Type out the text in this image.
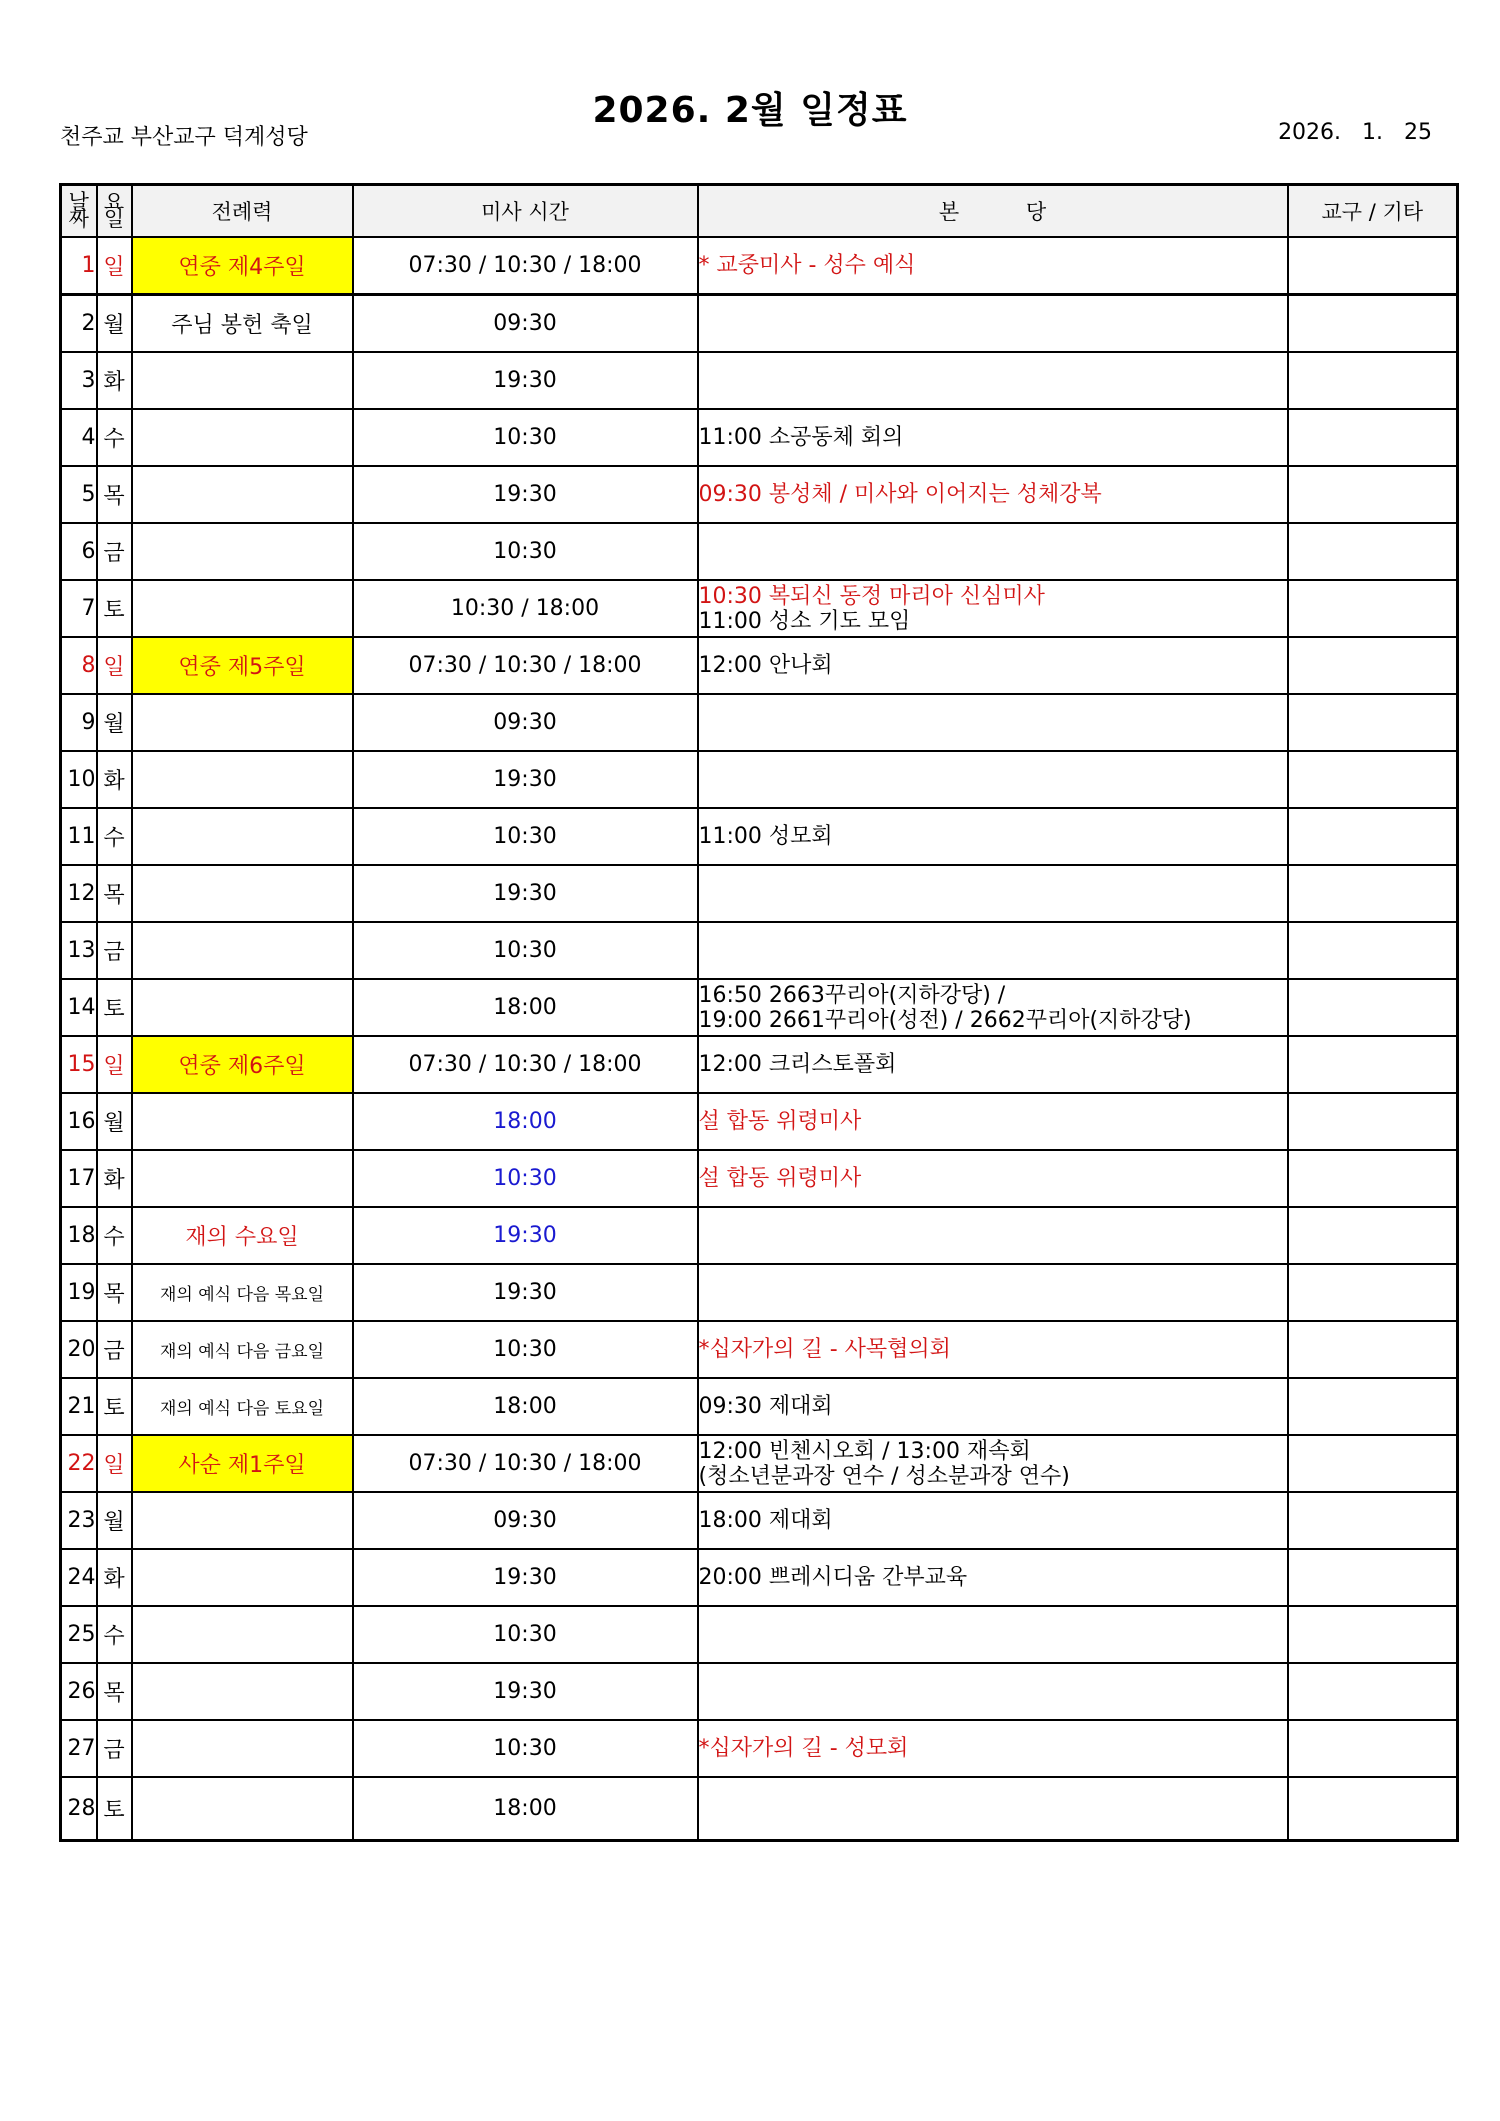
2026. 2월 일정표
천주교 부산교구 덕계성당	2026.   1.   25
날짜	요일	전례력	미사 시간	본          당	교구 / 기타
1	일	연중 제4주일	07:30 / 10:30 / 18:00	* 교중미사 - 성수 예식	

2	월	주님 봉헌 축일	09:30		
3	화		19:30		
4	수		10:30	11:00 소공동체 회의	

5	목		19:30	09:30 봉성체 / 미사와 이어지는 성체강복	

6	금		10:30		
7	토		10:30 / 18:00	10:30 복되신 동정 마리아 신심미사
11:00 성소 기도 모임	

8	일	연중 제5주일	07:30 / 10:30 / 18:00	12:00 안나회	

9	월		09:30		
10	화		19:30		
11	수		10:30	11:00 성모회	

12	목		19:30		
13	금		10:30		
14	토		18:00	16:50 2663꾸리아(지하강당) /
19:00 2661꾸리아(성전) / 2662꾸리아(지하강당)	

15	일	연중 제6주일	07:30 / 10:30 / 18:00	12:00 크리스토폴회	

16	월		18:00	설 합동 위령미사	

17	화		10:30	설 합동 위령미사	

18	수	재의 수요일	19:30		
19	목	재의 예식 다음 목요일	19:30		
20	금	재의 예식 다음 금요일	10:30	*십자가의 길 - 사목협의회	

21	토	재의 예식 다음 토요일	18:00	09:30 제대회	

22	일	사순 제1주일	07:30 / 10:30 / 18:00	12:00 빈첸시오회 / 13:00 재속회
(청소년분과장 연수 / 성소분과장 연수)	

23	월		09:30	18:00 제대회	

24	화		19:30	20:00 쁘레시디움 간부교육	

25	수		10:30		
26	목		19:30		
27	금		10:30	*십자가의 길 - 성모회	

28	토		18:00		
